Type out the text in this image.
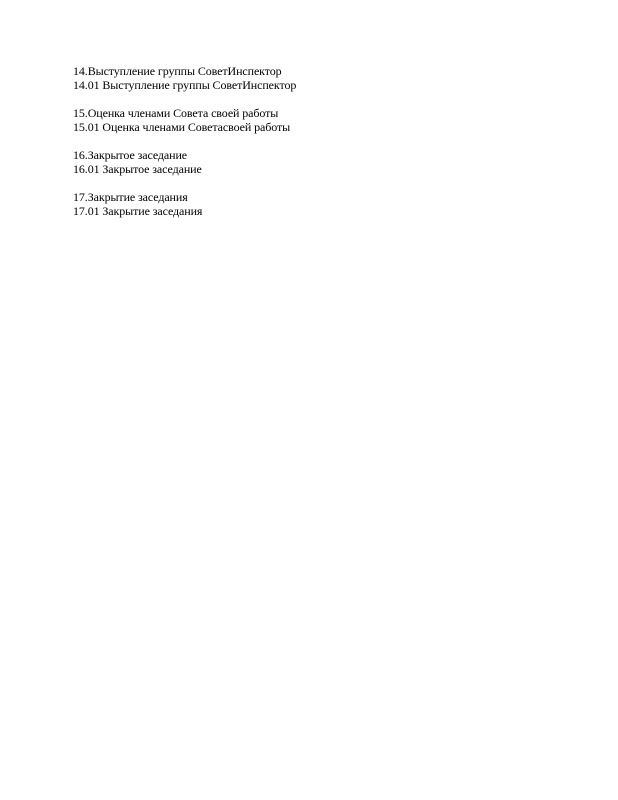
14.Выступление группы СоветИнспектор
14.01 Выступление группы СоветИнспектор
15.Оценка членами Совета своей работы
15.01 Оценка членами Советасвоей работы
16.Закрытое заседание
16.01 Закрытое заседание
17.Закрытие заседания
17.01 Закрытие заседания
